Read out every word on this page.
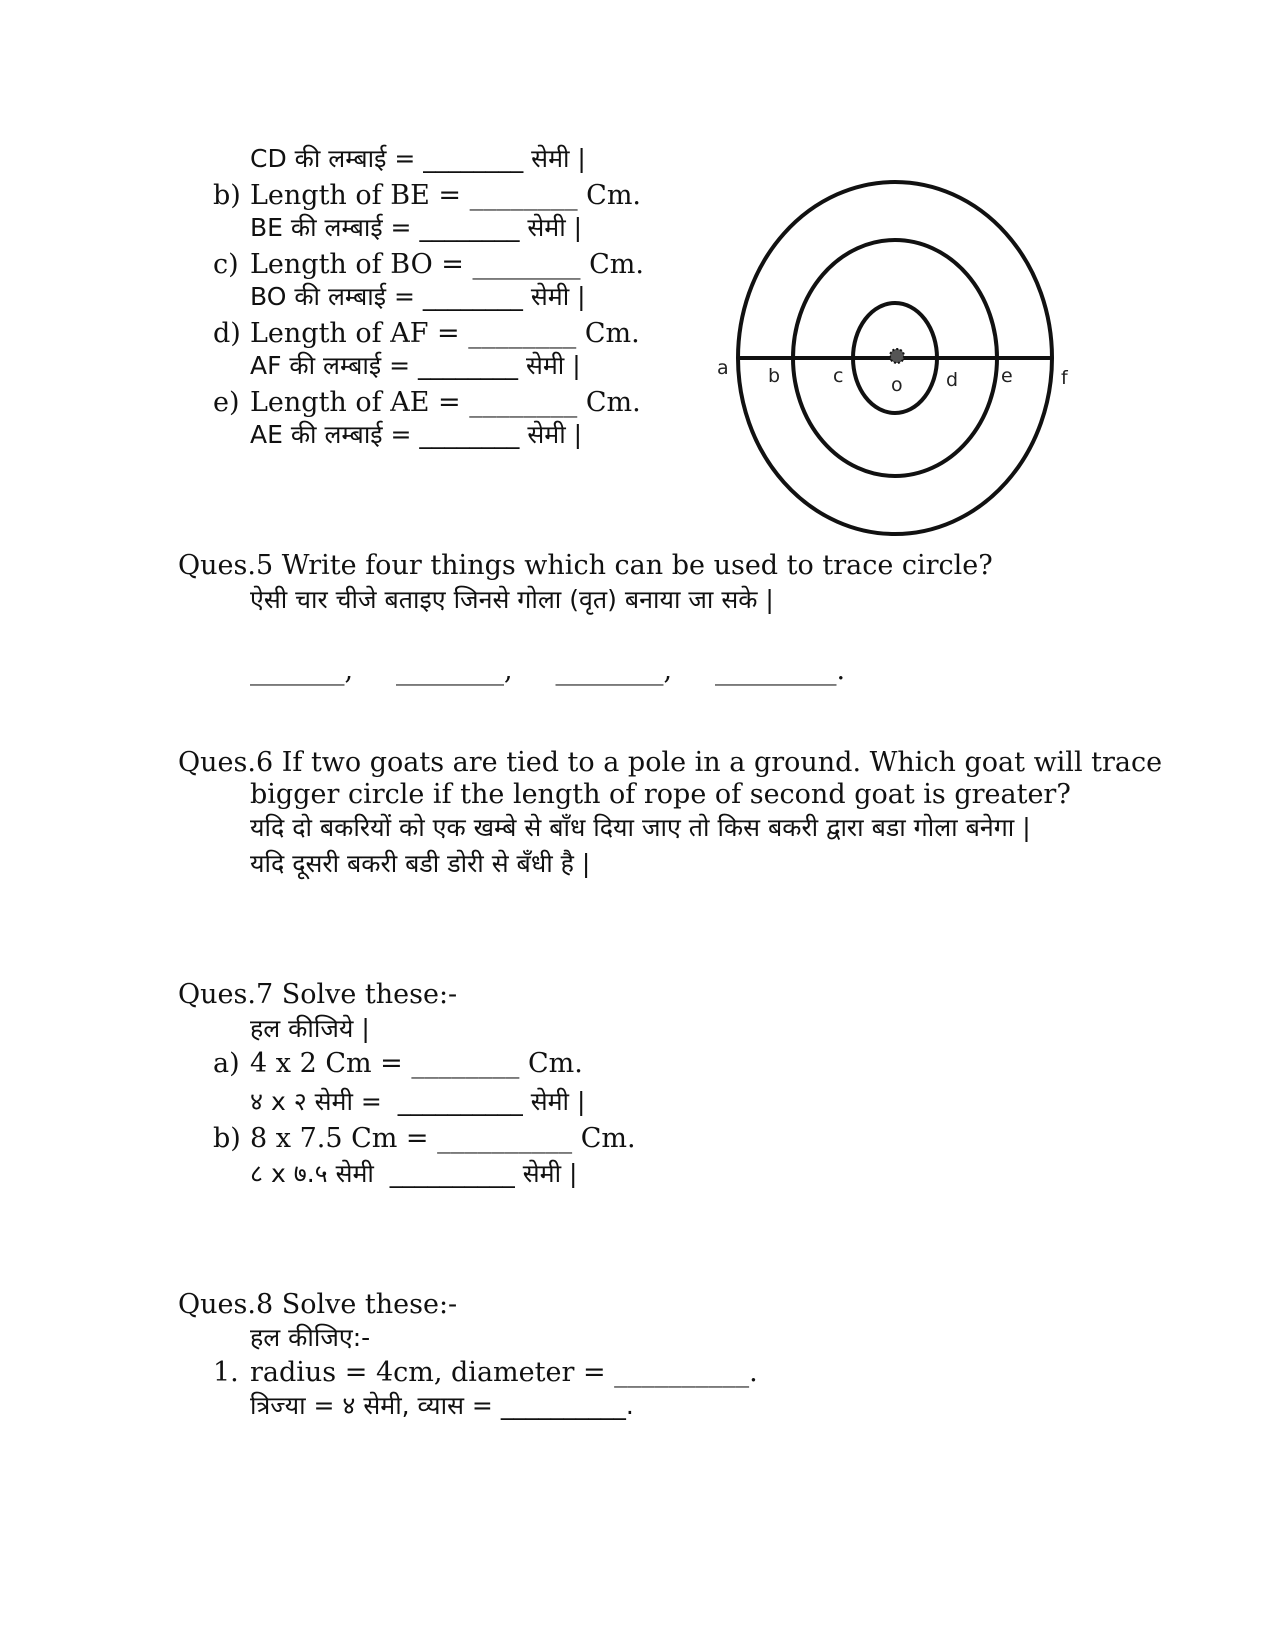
CD की लम्बाई = ________ सेमी |
b) Length of BE = ________ Cm.
BE की लम्बाई = ________ सेमी |
c) Length of BO = ________ Cm.
BO की लम्बाई = ________ सेमी |
d) Length of AF = ________ Cm.
AF की लम्बाई = ________ सेमी |
e) Length of AE = ________ Cm.
AE की लम्बाई = ________ सेमी |
a b	c	o d e	f
Ques.5 Write four things which can be used to trace circle?
ऐसी चार चीजे बताइए जिनसे गोला (वृत) बनाया जा सके |
_______,     ________,     ________,     _________.
Ques.6 If two goats are tied to a pole in a ground. Which goat will trace
bigger circle if the length of rope of second goat is greater?
यदि दो बकरियों को एक खम्बे से बाँध दिया जाए तो किस बकरी द्वारा बडा गोला बनेगा |
यदि दूसरी बकरी बडी डोरी से बँधी है |
Ques.7 Solve these:-
हल कीजिये |
a) 4 x 2 Cm = ________ Cm.
४ x २ सेमी =  __________ सेमी |
b) 8 x 7.5 Cm = __________ Cm.
८ x ७.५ सेमी  __________ सेमी |
Ques.8 Solve these:-
हल कीजिए:-
1. radius = 4cm, diameter = __________.
त्रिज्या = ४ सेमी, व्यास = __________.
